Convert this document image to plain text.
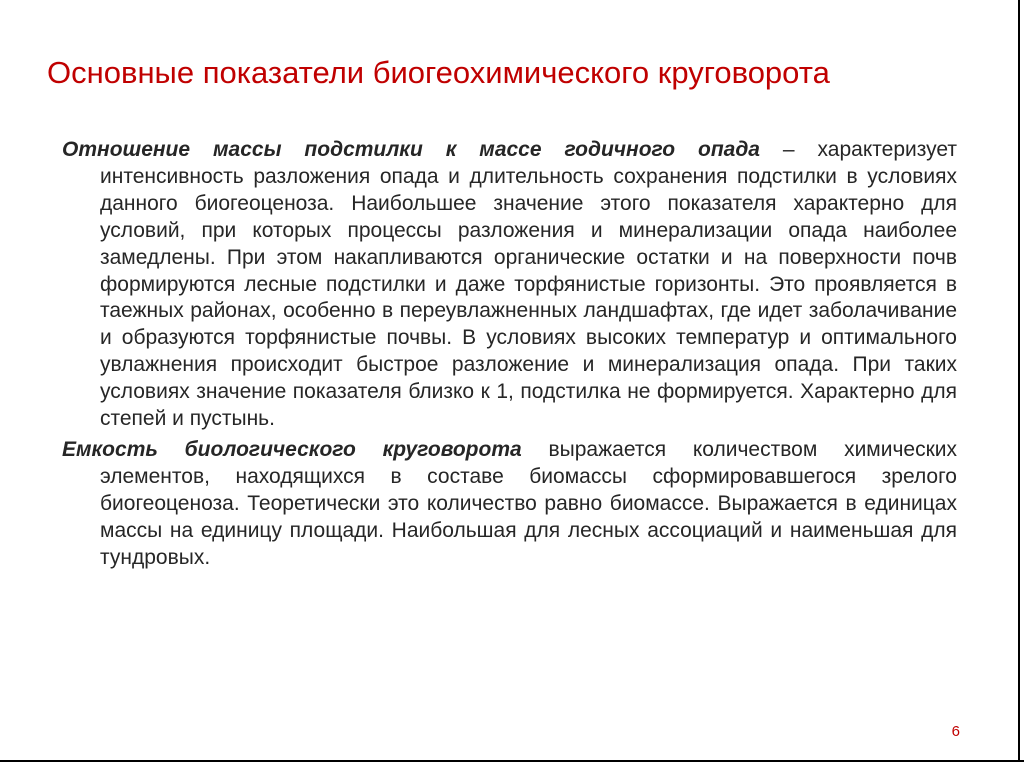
Основные показатели биогеохимического круговорота

Отношение массы подстилки к массе годичного опада – характеризует интенсивность разложения опада и длительность сохранения подстилки в условиях данного биогеоценоза. Наибольшее значение этого показателя характерно для условий, при которых процессы разложения и минерализации опада наиболее замедлены. При этом накапливаются органические остатки и на поверхности почв формируются лесные подстилки и даже торфянистые горизонты. Это проявляется в таежных районах, особенно в переувлажненных ландшафтах, где идет заболачивание и образуются торфянистые почвы. В условиях высоких температур и оптимального увлажнения происходит быстрое разложение и минерализация опада. При таких условиях значение показателя близко к 1, подстилка не формируется. Характерно для степей и пустынь.

Емкость биологического круговорота выражается количеством химических элементов, находящихся в составе биомассы сформировавшегося зрелого биогеоценоза. Теоретически это количество равно биомассе. Выражается в единицах массы на единицу площади. Наибольшая для лесных ассоциаций и наименьшая для тундровых.

6
